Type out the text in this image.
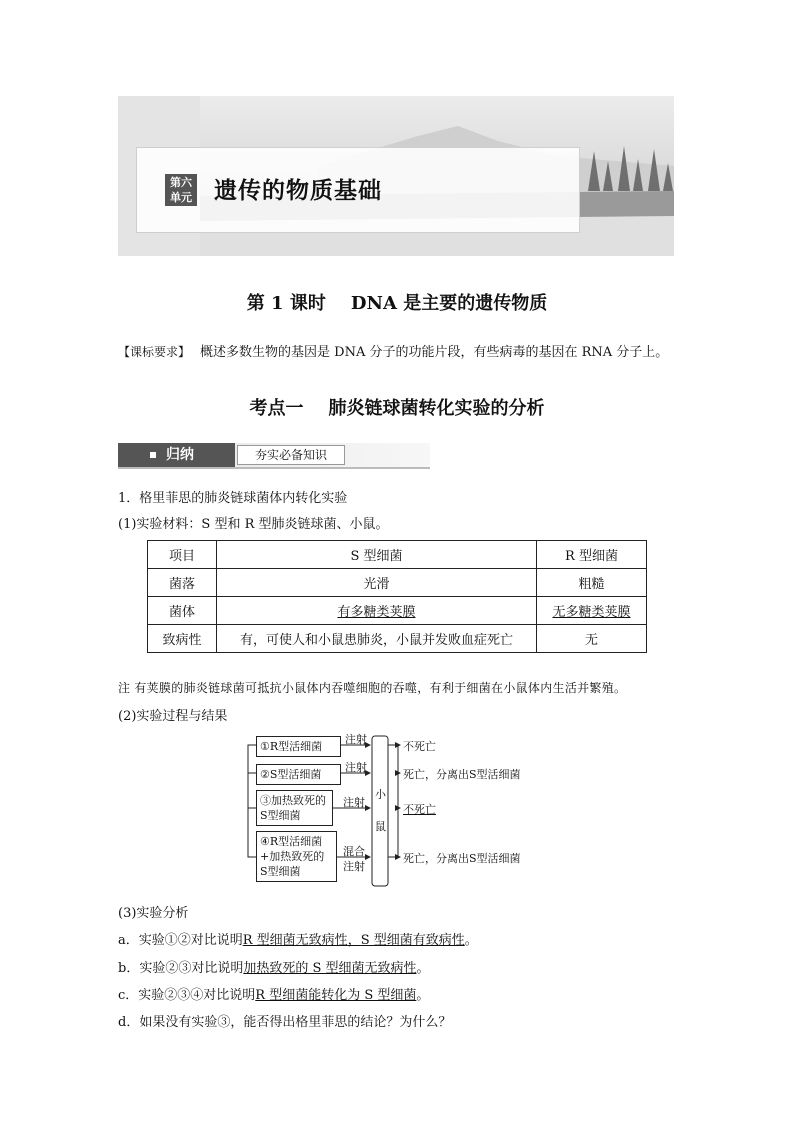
第六
单元 遗传的物质基础
第 1 课时    DNA 是主要的遗传物质
【课标要求】 概述多数生物的基因是 DNA 分子的功能片段，有些病毒的基因在 RNA 分子上。
考点一    肺炎链球菌转化实验的分析
归纳	夯实必备知识
1．格里菲思的肺炎链球菌体内转化实验
(1)实验材料：S 型和 R 型肺炎链球菌、小鼠。
项目	S 型细菌	R 型细菌
菌落	光滑	粗糙
菌体	有多糖类荚膜	无多糖类荚膜
致病性	有，可使人和小鼠患肺炎，小鼠并发败血症死亡	无
注 有荚膜的肺炎链球菌可抵抗小鼠体内吞噬细胞的吞噬，有利于细菌在小鼠体内生活并繁殖。
(2)实验过程与结果
①R型活细菌
②S型活细菌
③加热致死的
S型细菌
④R型活细菌
+加热致死的
S型细菌
注射
注射
注射
混合
注射
小
鼠
不死亡
死亡，分离出S型活细菌
不死亡
死亡，分离出S型活细菌
(3)实验分析
a．实验①②对比说明R 型细菌无致病性，S 型细菌有致病性。
b．实验②③对比说明加热致死的 S 型细菌无致病性。
c．实验②③④对比说明R 型细菌能转化为 S 型细菌。
d．如果没有实验③，能否得出格里菲思的结论？为什么？
